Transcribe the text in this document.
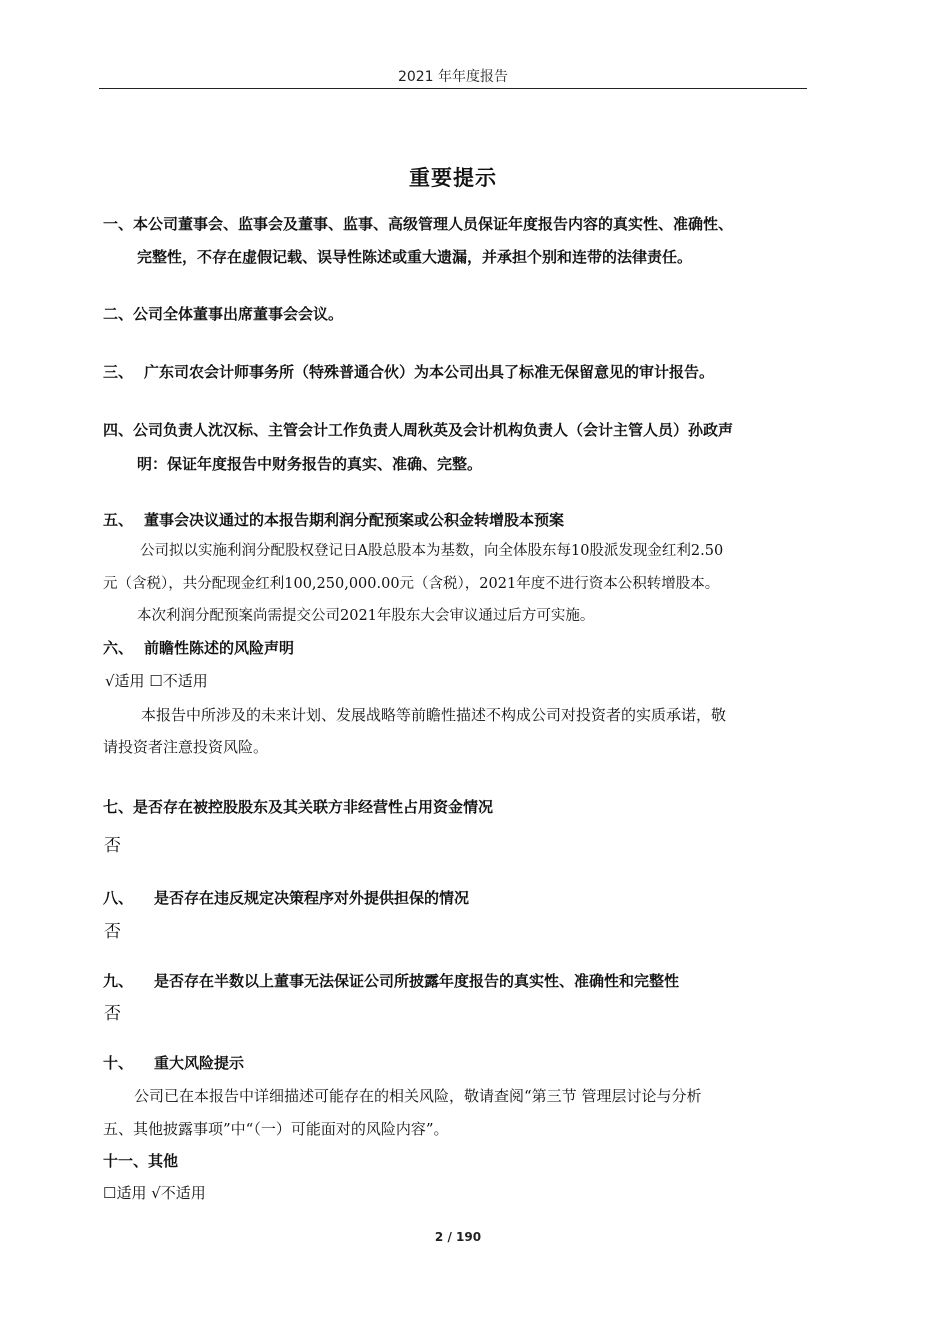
2021 年年度报告
重要提示
一、本公司董事会、监事会及董事、监事、高级管理人员保证年度报告内容的真实性、准确性、
完整性，不存在虚假记载、误导性陈述或重大遗漏，并承担个别和连带的法律责任。
二、公司全体董事出席董事会会议。
三、 广东司农会计师事务所（特殊普通合伙）为本公司出具了标准无保留意见的审计报告。
四、公司负责人沈汉标、主管会计工作负责人周秋英及会计机构负责人（会计主管人员）孙政声
明：保证年度报告中财务报告的真实、准确、完整。
五、 董事会决议通过的本报告期利润分配预案或公积金转增股本预案
公司拟以实施利润分配股权登记日A股总股本为基数，向全体股东每10股派发现金红利2.50
元（含税），共分配现金红利100,250,000.00元（含税），2021年度不进行资本公积转增股本。
本次利润分配预案尚需提交公司2021年股东大会审议通过后方可实施。
六、 前瞻性陈述的风险声明
√适用 ☐不适用
本报告中所涉及的未来计划、发展战略等前瞻性描述不构成公司对投资者的实质承诺，敬
请投资者注意投资风险。
七、是否存在被控股股东及其关联方非经营性占用资金情况
否
八、 是否存在违反规定决策程序对外提供担保的情况
否
九、 是否存在半数以上董事无法保证公司所披露年度报告的真实性、准确性和完整性
否
十、 重大风险提示
公司已在本报告中详细描述可能存在的相关风险，敬请查阅“第三节 管理层讨论与分析
五、其他披露事项”中“（一）可能面对的风险内容”。
十一、其他
☐适用 √不适用
2 / 190
